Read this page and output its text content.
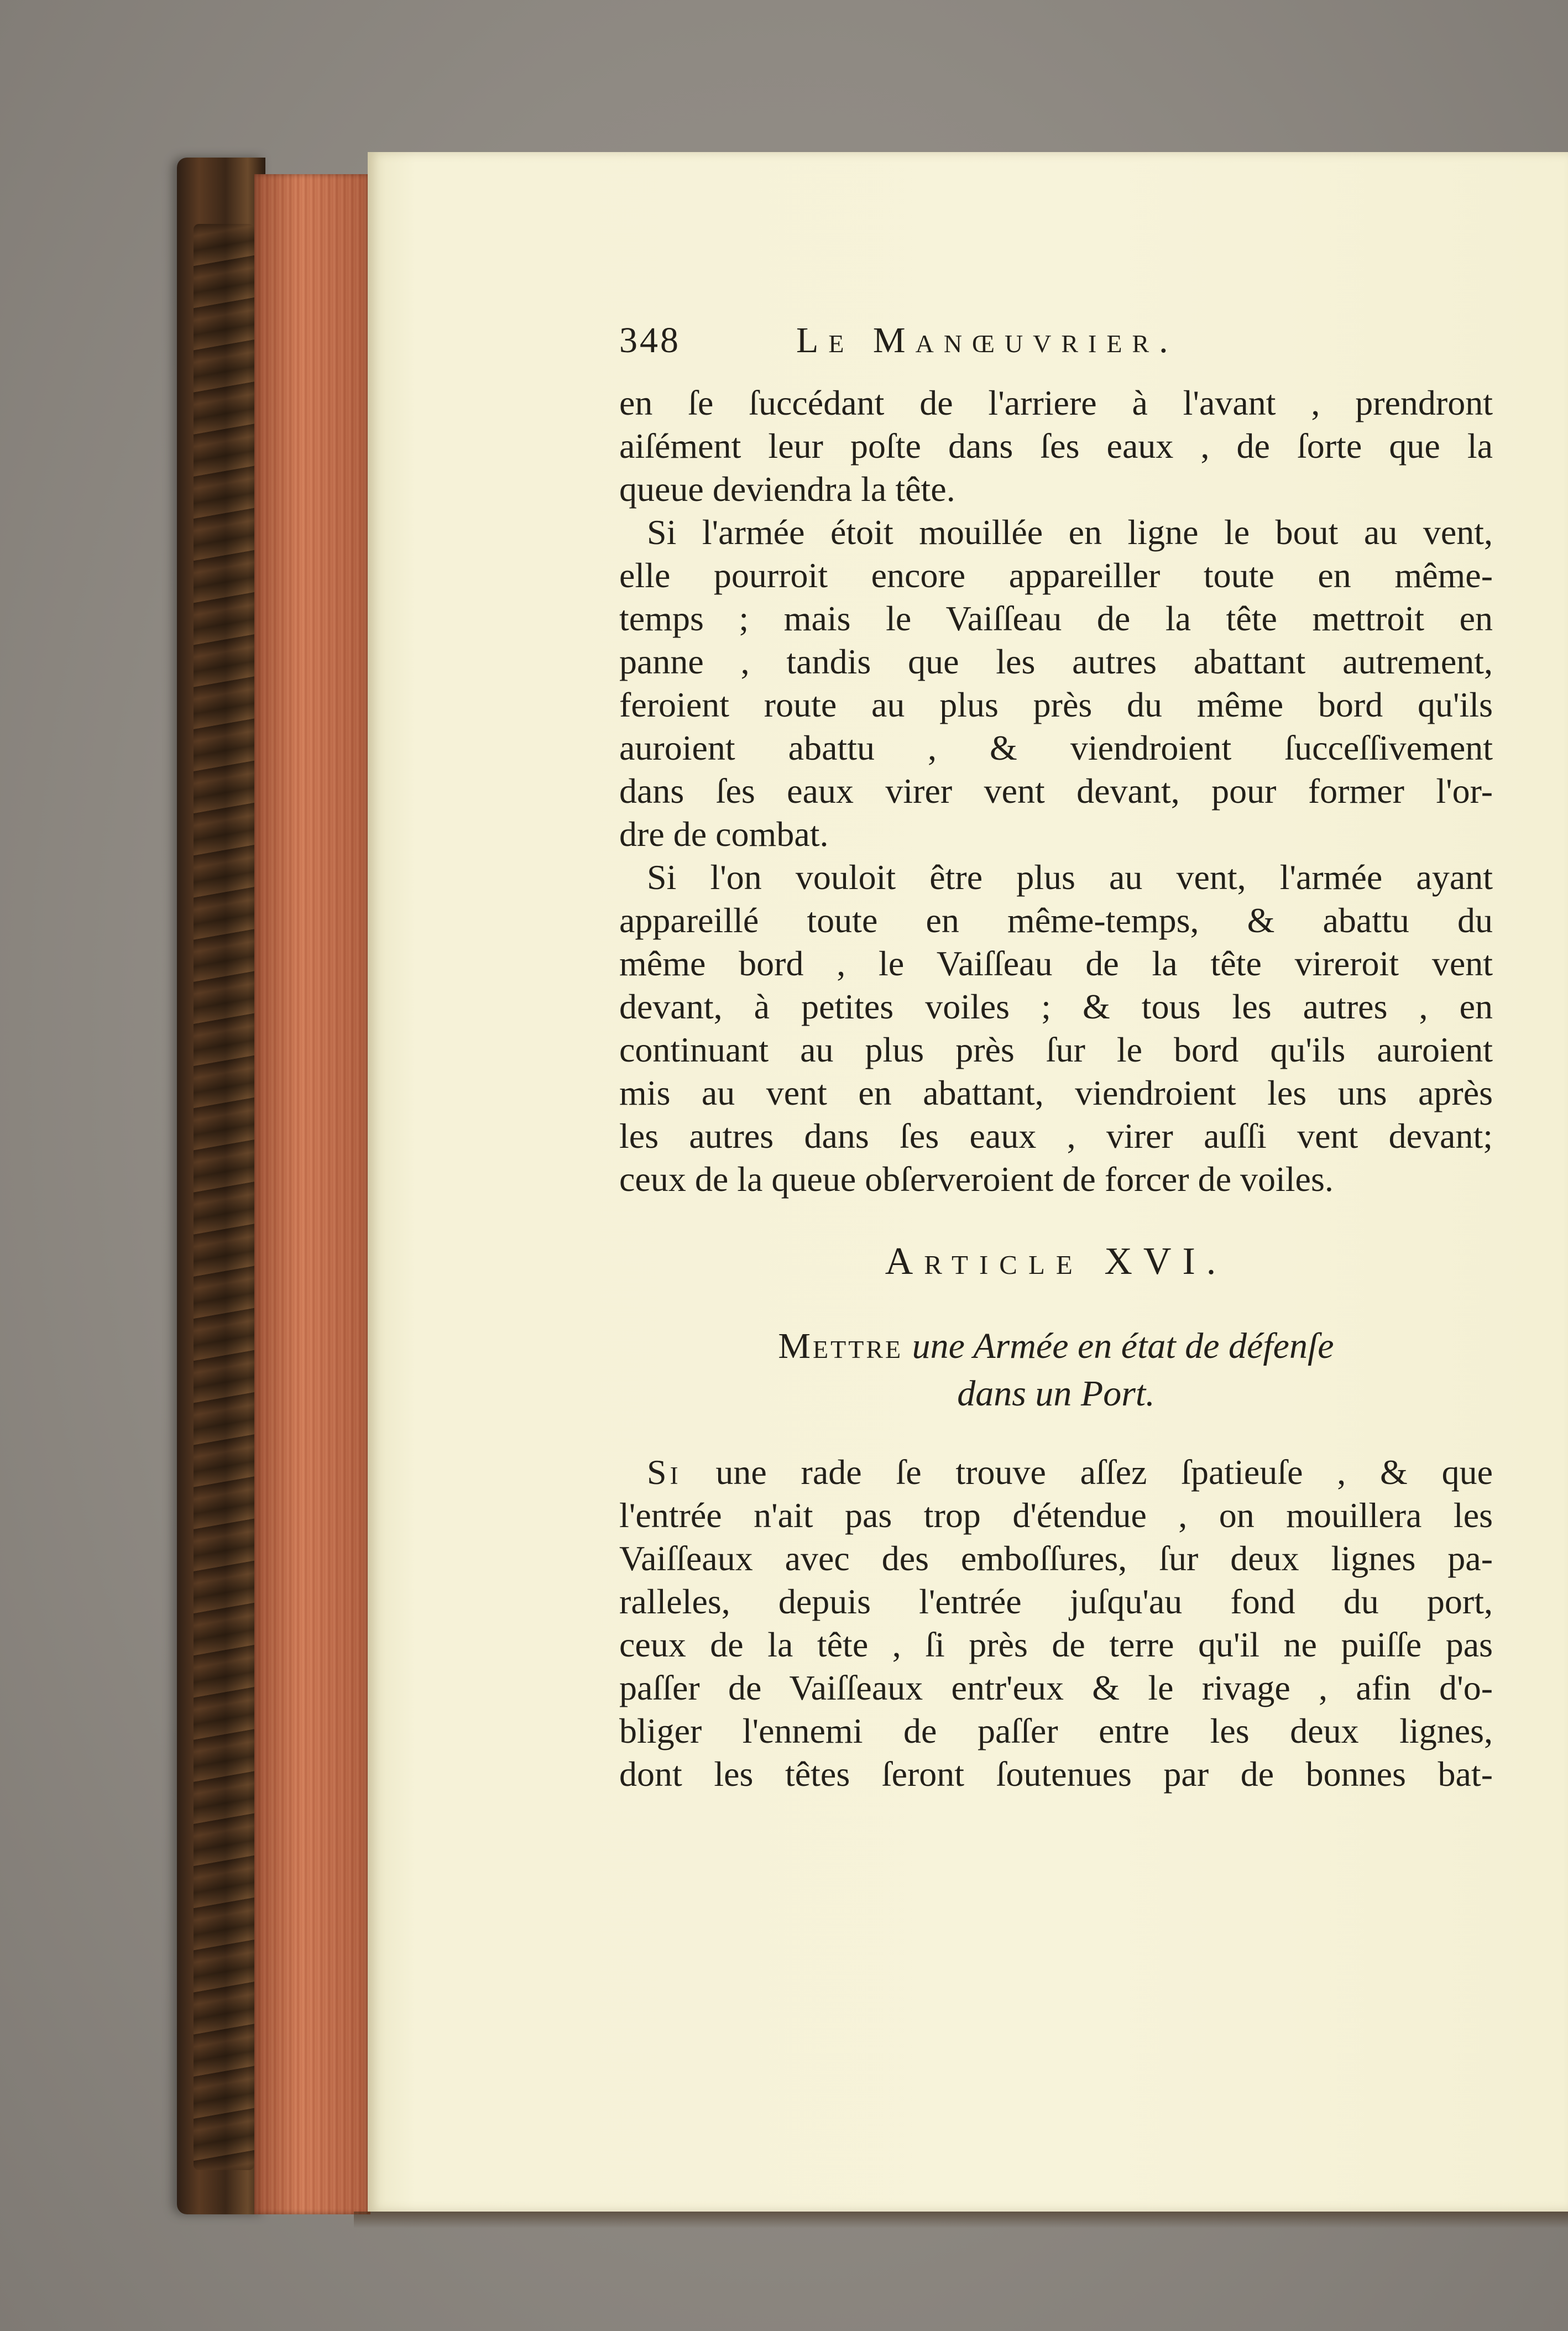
348	Le Manœuvrier.

en ſe ſuccédant de l'arriere à l'avant , prendront
aiſément leur poſte dans ſes eaux , de ſorte que la
queue deviendra la tête.

Si l'armée étoit mouillée en ligne le bout au vent,
elle pourroit encore appareiller toute en même-
temps ; mais le Vaiſſeau de la tête mettroit en
panne , tandis que les autres abattant autrement,
feroient route au plus près du même bord qu'ils
auroient abattu , & viendroient ſucceſſivement
dans ſes eaux virer vent devant, pour former l'or-
dre de combat.

Si l'on vouloit être plus au vent, l'armée ayant
appareillé toute en même-temps, & abattu du
même bord , le Vaiſſeau de la tête vireroit vent
devant, à petites voiles ; & tous les autres , en
continuant au plus près ſur le bord qu'ils auroient
mis au vent en abattant, viendroient les uns après
les autres dans ſes eaux , virer auſſi vent devant;
ceux de la queue obſerveroient de forcer de voiles.

Article XVI.
Mettre une Armée en état de défenſe
dans un Port.

Si une rade ſe trouve aſſez ſpatieuſe , & que
l'entrée n'ait pas trop d'étendue , on mouillera les
Vaiſſeaux avec des emboſſures, ſur deux lignes pa-
ralleles, depuis l'entrée juſqu'au fond du port,
ceux de la tête , ſi près de terre qu'il ne puiſſe pas
paſſer de Vaiſſeaux entr'eux & le rivage , afin d'o-
bliger l'ennemi de paſſer entre les deux lignes,
dont les têtes ſeront ſoutenues par de bonnes bat-
